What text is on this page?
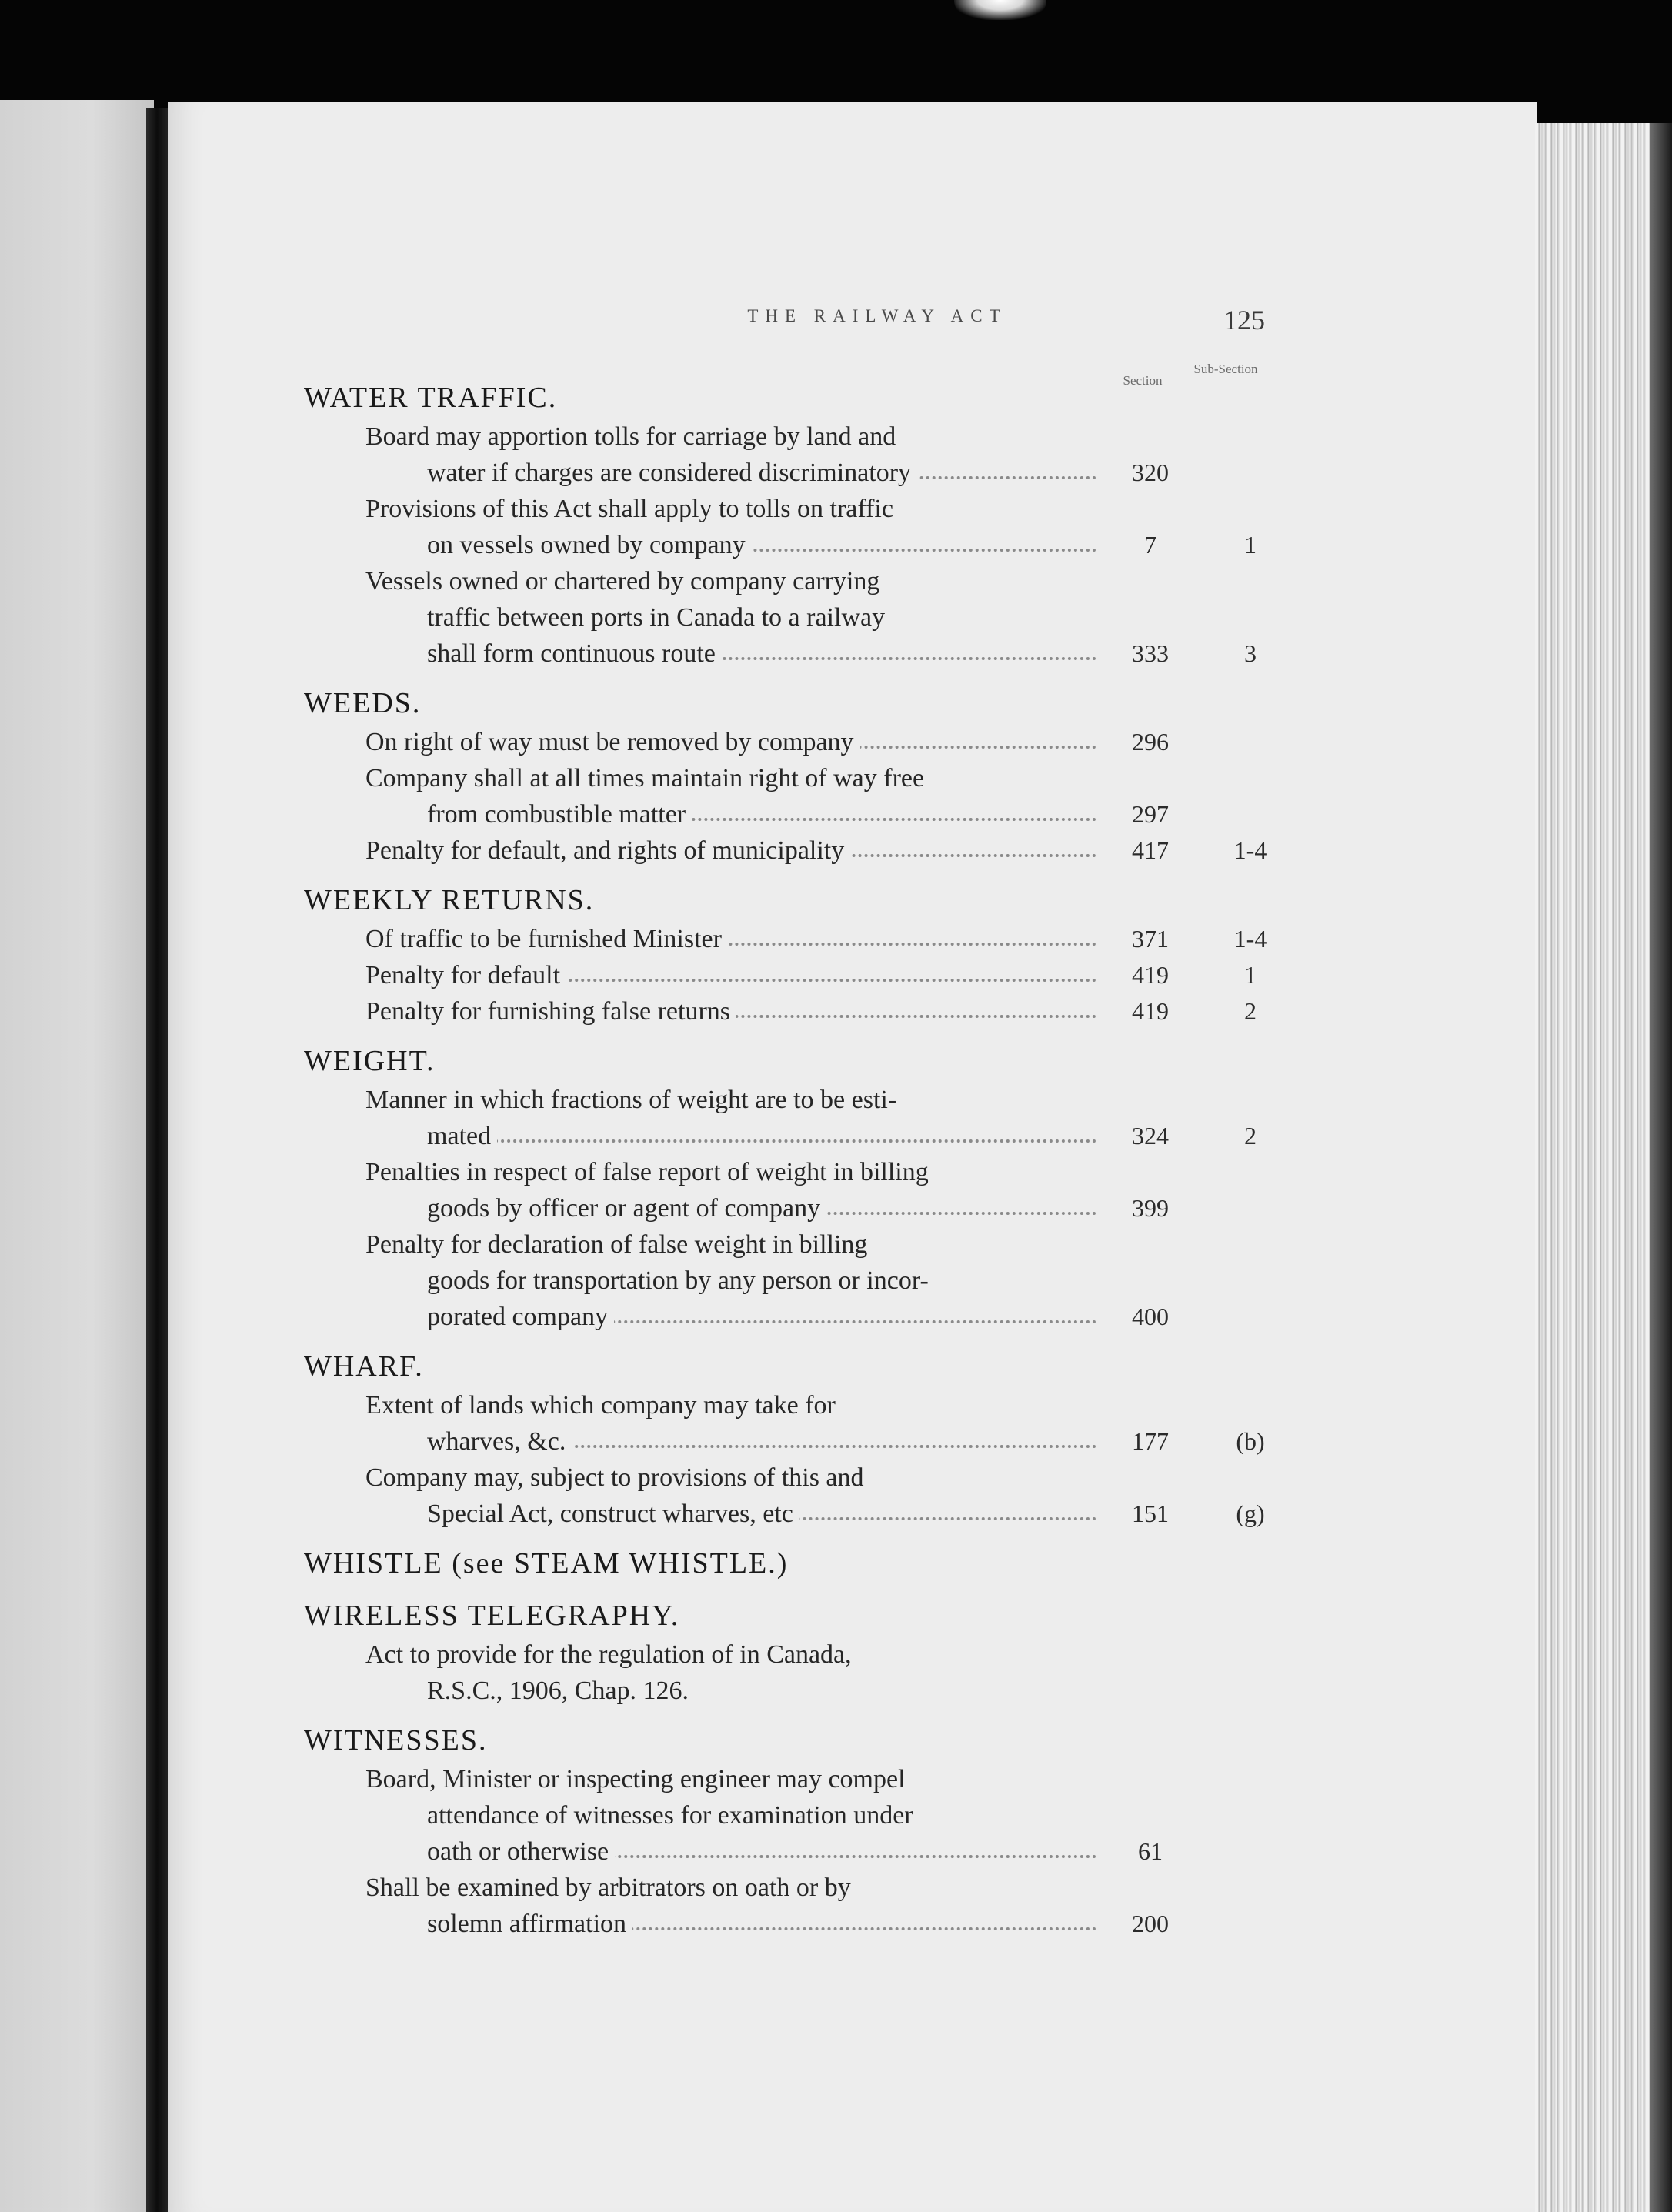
THE RAILWAY ACT	125
Section
Sub-Section
WATER TRAFFIC.
Board may apportion tolls for carriage by land and
water if charges are considered discriminatory	320
Provisions of this Act shall apply to tolls on traffic
on vessels owned by company	7	1
Vessels owned or chartered by company carrying
traffic between ports in Canada to a railway
shall form continuous route	333	3
WEEDS.
On right of way must be removed by company	296
Company shall at all times maintain right of way free
from combustible matter	297
Penalty for default, and rights of municipality	417	1-4
WEEKLY RETURNS.
Of traffic to be furnished Minister	371	1-4
Penalty for default	419	1
Penalty for furnishing false returns	419	2
WEIGHT.
Manner in which fractions of weight are to be esti-
mated	324	2
Penalties in respect of false report of weight in billing
goods by officer or agent of company	399
Penalty for declaration of false weight in billing
goods for transportation by any person or incor-
porated company	400
WHARF.
Extent of lands which company may take for
wharves, &c.	177	(b)
Company may, subject to provisions of this and
Special Act, construct wharves, etc	151	(g)
WHISTLE (see STEAM WHISTLE.)
WIRELESS TELEGRAPHY.
Act to provide for the regulation of in Canada,
R.S.C., 1906, Chap. 126.
WITNESSES.
Board, Minister or inspecting engineer may compel
attendance of witnesses for examination under
oath or otherwise	61
Shall be examined by arbitrators on oath or by
solemn affirmation	200
